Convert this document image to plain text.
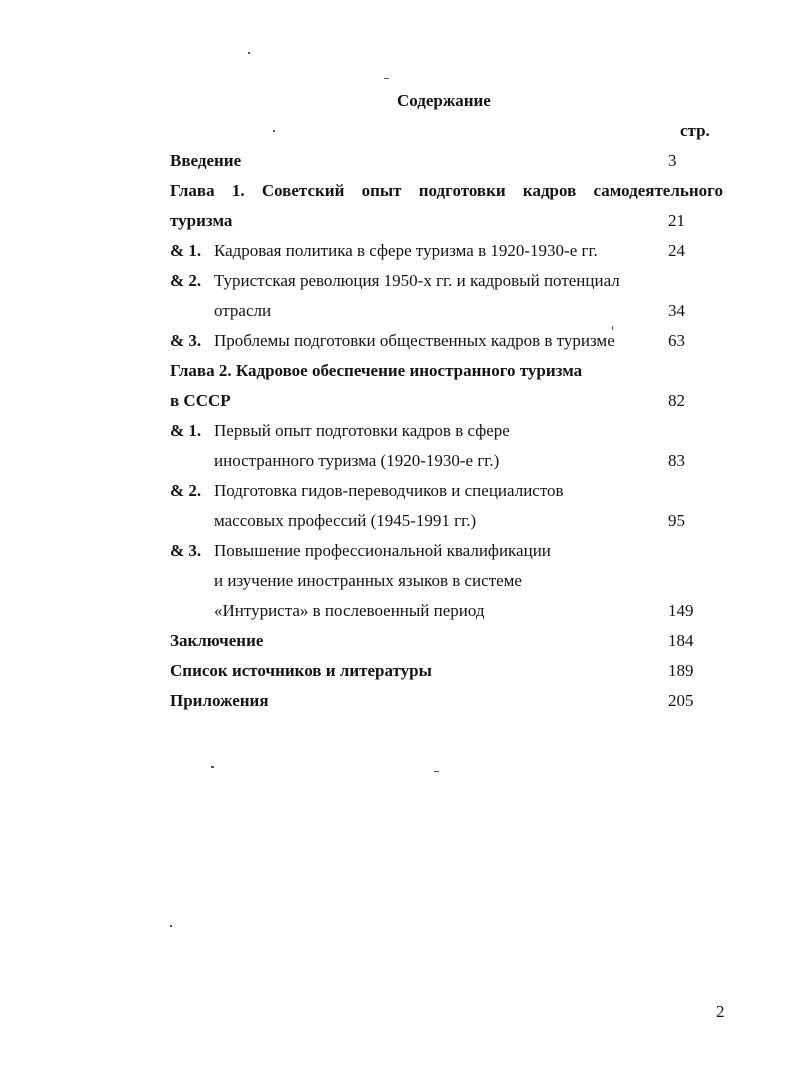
Содержание
стр.
Введение	3
Глава 1. Советский опыт подготовки кадров самодеятельного
туризма	21
& 1. Кадровая политика в сфере туризма в 1920-1930-е гг.	24
& 2. Туристская революция 1950-х гг. и кадровый потенциал
отрасли	34
& 3. Проблемы подготовки общественных кадров в туризме	63
Глава 2. Кадровое обеспечение иностранного туризма
в СССР	82
& 1. Первый опыт подготовки кадров в сфере
иностранного туризма (1920-1930-е гг.)	83
& 2. Подготовка гидов-переводчиков и специалистов
массовых профессий (1945-1991 гг.)	95
& 3. Повышение профессиональной квалификации
и изучение иностранных языков в системе
«Интуриста» в послевоенный период	149
Заключение	184
Список источников и литературы	189
Приложения	205
2
